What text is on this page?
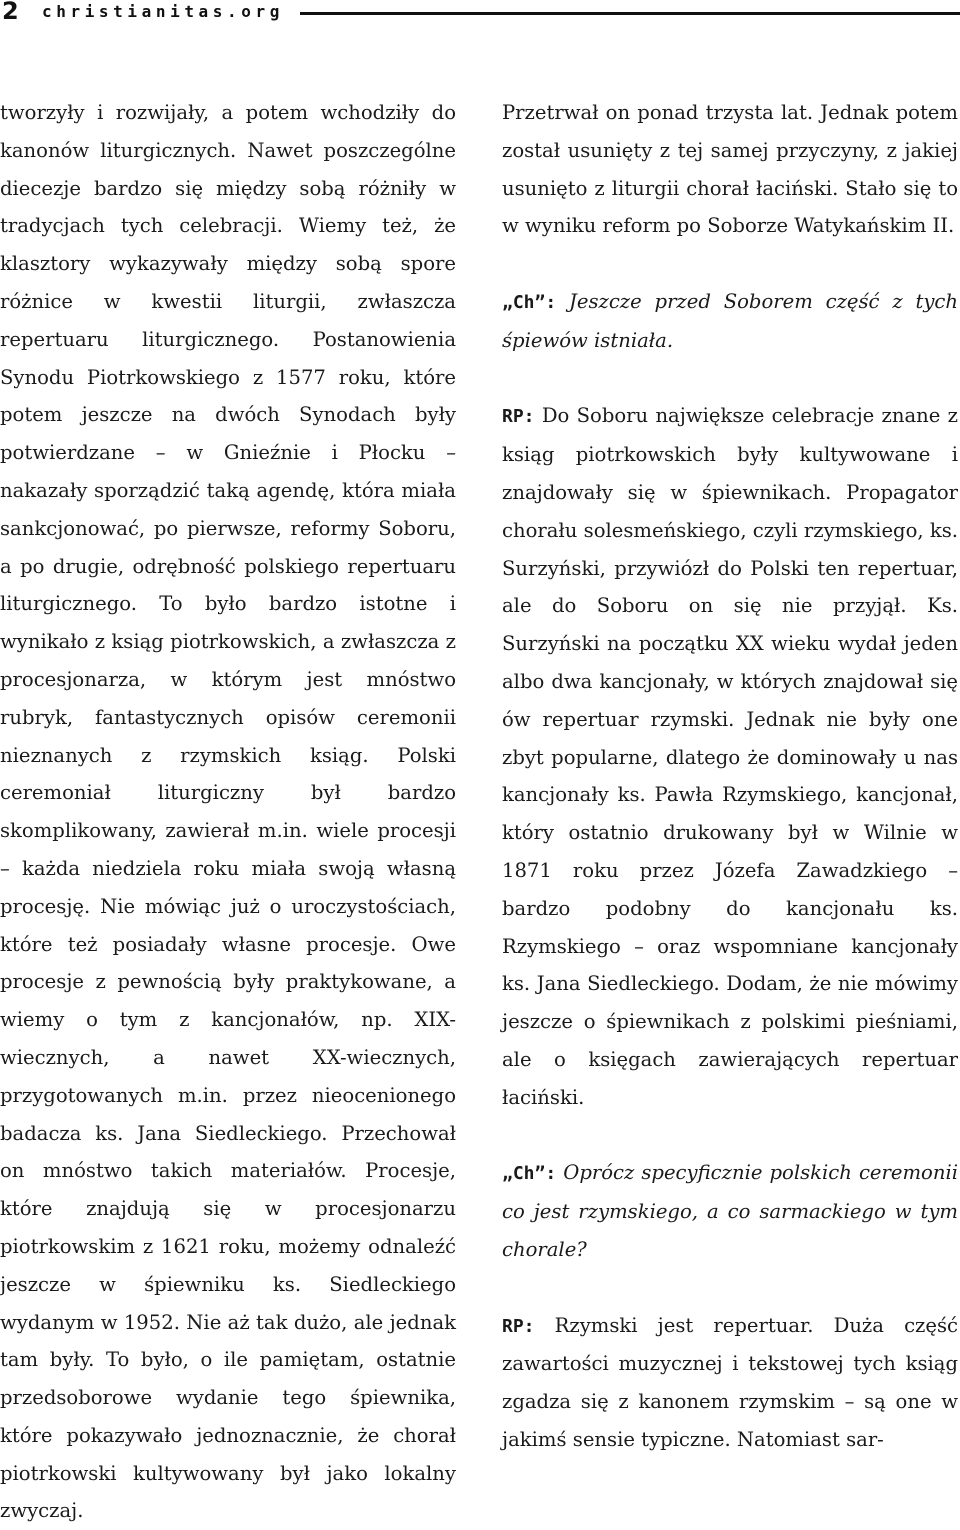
2 christianitas.org

tworzyły i rozwijały, a potem wchodziły do kanonów liturgicznych. Nawet poszczególne diecezje bardzo się między sobą różniły w tradycjach tych celebracji. Wiemy też, że klasztory wykazywały między sobą spore różnice w kwestii liturgii, zwłaszcza repertuaru liturgicznego. Postanowienia Synodu Piotrkowskiego z 1577 roku, które potem jeszcze na dwóch Synodach były potwierdzane – w Gnieźnie i Płocku – nakazały sporządzić taką agendę, która miała sankcjonować, po pierwsze, reformy Soboru, a po drugie, odrębność polskiego repertuaru liturgicznego. To było bardzo istotne i wynikało z ksiąg piotrkowskich, a zwłaszcza z procesjonarza, w którym jest mnóstwo rubryk, fantastycznych opisów ceremonii nieznanych z rzymskich ksiąg. Polski ceremoniał liturgiczny był bardzo skomplikowany, zawierał m.in. wiele procesji – każda niedziela roku miała swoją własną procesję. Nie mówiąc już o uroczystościach, które też posiadały własne procesje. Owe procesje z pewnością były praktykowane, a wiemy o tym z kancjonałów, np. XIX-wiecznych, a nawet XX-wiecznych, przygotowanych m.in. przez nieocenionego badacza ks. Jana Siedleckiego. Przechował on mnóstwo takich materiałów. Procesje, które znajdują się w procesjonarzu piotrkowskim z 1621 roku, możemy odnaleźć jeszcze w śpiewniku ks. Siedleckiego wydanym w 1952. Nie aż tak dużo, ale jednak tam były. To było, o ile pamiętam, ostatnie przedsoborowe wydanie tego śpiewnika, które pokazywało jednoznacznie, że chorał piotrkowski kultywowany był jako lokalny zwyczaj.

Przetrwał on ponad trzysta lat. Jednak potem został usunięty z tej samej przyczyny, z jakiej usunięto z liturgii chorał łaciński. Stało się to w wyniku reform po Soborze Watykańskim II.

„Ch”: Jeszcze przed Soborem część z tych śpiewów istniała.

RP: Do Soboru największe celebracje znane z ksiąg piotrkowskich były kultywowane i znajdowały się w śpiewnikach. Propagator chorału solesmeńskiego, czyli rzymskiego, ks. Surzyński, przywiózł do Polski ten repertuar, ale do Soboru on się nie przyjął. Ks. Surzyński na początku XX wieku wydał jeden albo dwa kancjonały, w których znajdował się ów repertuar rzymski. Jednak nie były one zbyt popularne, dlatego że dominowały u nas kancjonały ks. Pawła Rzymskiego, kancjonał, który ostatnio drukowany był w Wilnie w 1871 roku przez Józefa Zawadzkiego – bardzo podobny do kancjonału ks. Rzymskiego – oraz wspomniane kancjonały ks. Jana Siedleckiego. Dodam, że nie mówimy jeszcze o śpiewnikach z polskimi pieśniami, ale o księgach zawierających repertuar łaciński.

„Ch”: Oprócz specyficznie polskich ceremonii co jest rzymskiego, a co sarmackiego w tym chorale?

RP: Rzymski jest repertuar. Duża część zawartości muzycznej i tekstowej tych ksiąg zgadza się z kanonem rzymskim – są one w jakimś sensie typiczne. Natomiast sar-
